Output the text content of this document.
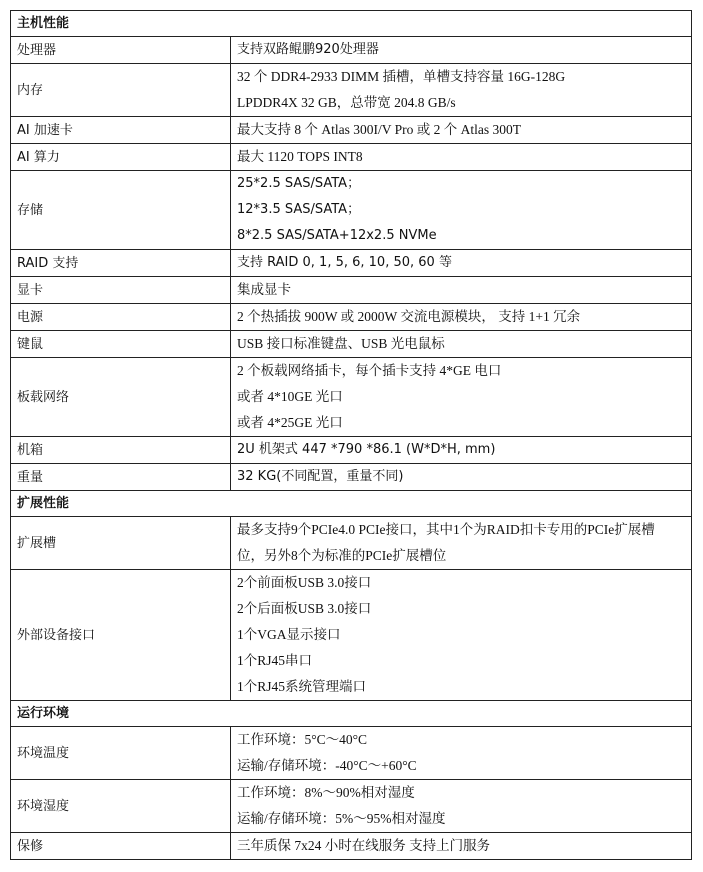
主机性能	
处理器	支持双路鲲鹏920处理器

内存	32 个 DDR4-2933 DIMM 插槽，单槽支持容量 16G-128G
LPDDR4X 32 GB，总带宽 204.8 GB/s

AI 加速卡	最大支持 8 个 Atlas 300I/V Pro 或 2 个 Atlas 300T

AI 算力	最大 1120 TOPS INT8

存储	25*2.5 SAS/SATA；
12*3.5 SAS/SATA；
8*2.5 SAS/SATA+12x2.5 NVMe

RAID 支持	支持 RAID 0, 1, 5, 6, 10, 50, 60 等

显卡	集成显卡

电源	2 个热插拔 900W 或 2000W 交流电源模块， 支持 1+1 冗余

键鼠	USB 接口标准键盘、USB 光电鼠标

板载网络	2 个板载网络插卡，每个插卡支持 4*GE 电口
或者 4*10GE 光口
或者 4*25GE 光口

机箱	2U 机架式 447 *790 *86.1 (W*D*H, mm)

重量	32 KG(不同配置，重量不同)

扩展性能	
扩展槽	最多支持9个PCIe4.0 PCIe接口，其中1个为RAID扣卡专用的PCIe扩展槽
位，另外8个为标准的PCIe扩展槽位

外部设备接口	2个前面板USB 3.0接口
2个后面板USB 3.0接口
1个VGA显示接口
1个RJ45串口
1个RJ45系统管理端口

运行环境	
环境温度	工作环境：5°C～40°C
运输/存储环境：-40°C～+60°C

环境湿度	工作环境：8%～90%相对湿度
运输/存储环境：5%～95%相对湿度

保修	三年质保 7x24 小时在线服务 支持上门服务
